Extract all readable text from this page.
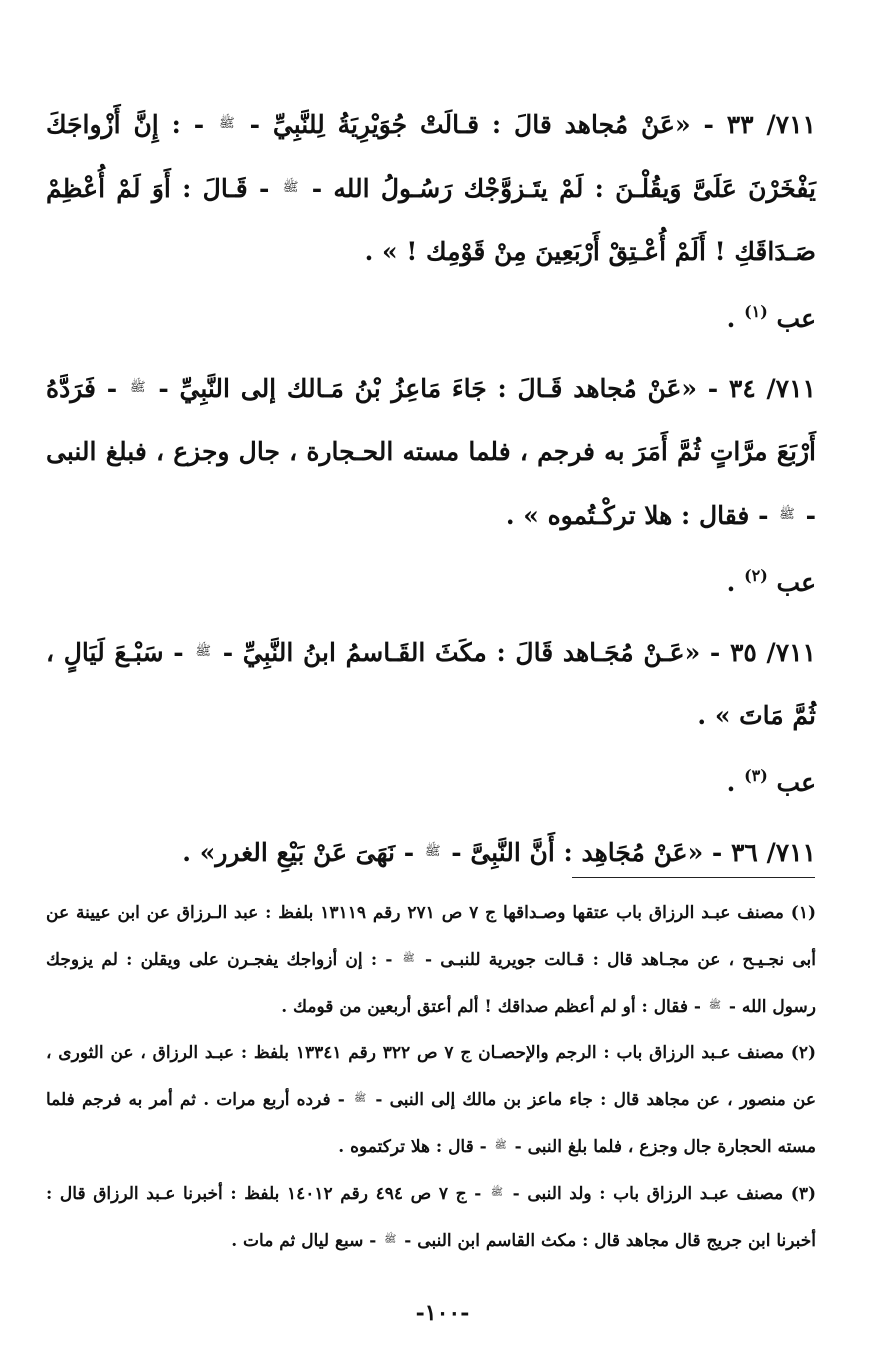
٧١١/ ٣٣ - «عَنْ مُجاهد قالَ : قـالَتْ جُوَيْرِيَةُ لِلنَّبِيِّ - ﷺ - : إِنَّ أَزْواجَكَ يَفْخَرْنَ عَلَىَّ وَيقُلْـنَ : لَمْ يتَـزوَّجْك رَسُـولُ الله - ﷺ - قَـالَ : أَوَ لَمْ أُعْظِمْ صَـدَاقَكِ ! أَلَمْ أُعْـتِقْ أَرْبَعِينَ مِنْ قَوْمِك ! » .

عب $^{(١)}$ .

٧١١/ ٣٤ - «عَنْ مُجاهد قَـالَ : جَاءَ مَاعِزُ بْنُ مَـالك إلى النَّبِيِّ - ﷺ - فَرَدَّهُ أَرْبَعَ مرَّاتٍ ثُمَّ أَمَرَ به فرجم ، فلما مسته الحـجارة ، جال وجزع ، فبلغ النبى - ﷺ - فقال : هلا تركْـتُموه » .

عب $^{(٢)}$ .

٧١١/ ٣٥ - «عَـنْ مُجَـاهد قَالَ : مكَثَ القَـاسمُ ابنُ النَّبِيِّ - ﷺ - سَبْـعَ لَيَالٍ ، ثُمَّ مَاتَ » .

عب $^{(٣)}$ .

٧١١/ ٣٦ - «عَنْ مُجَاهِد : أَنَّ النَّبِىَّ - ﷺ - نَهَىَ عَنْ بَيْعِ الغرر» .

(١) مصنف عبـد الرزاق باب عتقها وصـداقها ج ٧ ص ٢٧١ رقم ١٣١١٩ بلفظ : عبد الـرزاق عن ابن عيينة عن أبى نجـيـح ، عن مجـاهد قال : قـالت جويرية للنبـى - ﷺ - : إن أزواجك يفجـرن على ويقلن : لم يزوجك رسول الله - ﷺ - فقال : أو لم أعظم صداقك ! ألم أعتق أربعين من قومك .

(٢) مصنف عـبد الرزاق باب : الرجم والإحصـان ج ٧ ص ٣٢٢ رقم ١٣٣٤١ بلفظ : عبـد الرزاق ، عن الثورى ، عن منصور ، عن مجاهد قال : جاء ماعز بن مالك إلى النبى - ﷺ - فرده أربع مرات . ثم أمر به فرجم فلما مسته الحجارة جال وجزع ، فلما بلغ النبى - ﷺ - قال : هلا تركتموه .

(٣) مصنف عبـد الرزاق باب : ولد النبى - ﷺ - ج ٧ ص ٤٩٤ رقم ١٤٠١٢ بلفظ : أخبرنا عـبد الرزاق قال : أخبرنا ابن جريج قال مجاهد قال : مكث القاسم ابن النبى - ﷺ - سبع ليال ثم مات .

-١٠٠-
